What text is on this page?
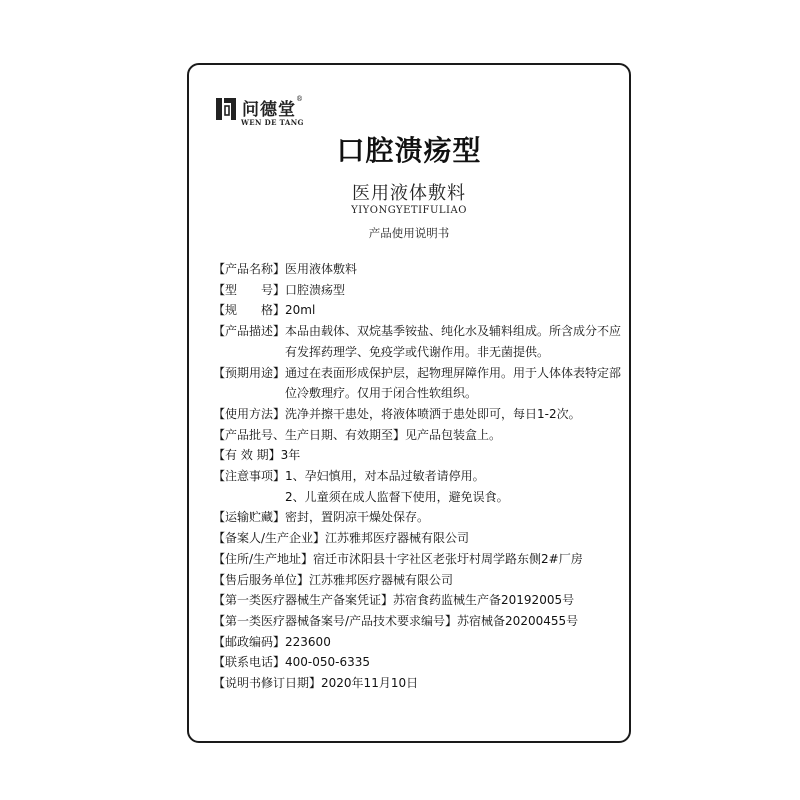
问德堂®
WEN DE TANG
口腔溃疡型
医用液体敷料
YIYONGYETIFULIAO
产品使用说明书
【产品名称】 医用液体敷料
【型　　号】 口腔溃疡型
【规　　格】 20ml
【产品描述】 本品由载体、双烷基季铵盐、纯化水及辅料组成。所含成分不应有发挥药理学、免疫学或代谢作用。非无菌提供。
【预期用途】 通过在表面形成保护层，起物理屏障作用。用于人体体表特定部位冷敷理疗。仅用于闭合性软组织。
【使用方法】 洗净并擦干患处，将液体喷洒于患处即可，每日1-2次。
【产品批号、生产日期、有效期至】 见产品包装盒上。
【有 效 期】 3年
【注意事项】 1、孕妇慎用，对本品过敏者请停用。
2、儿童须在成人监督下使用，避免误食。
【运输贮藏】 密封，置阴凉干燥处保存。
【备案人/生产企业】 江苏雅邦医疗器械有限公司
【住所/生产地址】 宿迁市沭阳县十字社区老张圩村周学路东侧2#厂房
【售后服务单位】 江苏雅邦医疗器械有限公司
【第一类医疗器械生产备案凭证】 苏宿食药监械生产备20192005号
【第一类医疗器械备案号/产品技术要求编号】 苏宿械备20200455号
【邮政编码】 223600
【联系电话】 400-050-6335
【说明书修订日期】 2020年11月10日
